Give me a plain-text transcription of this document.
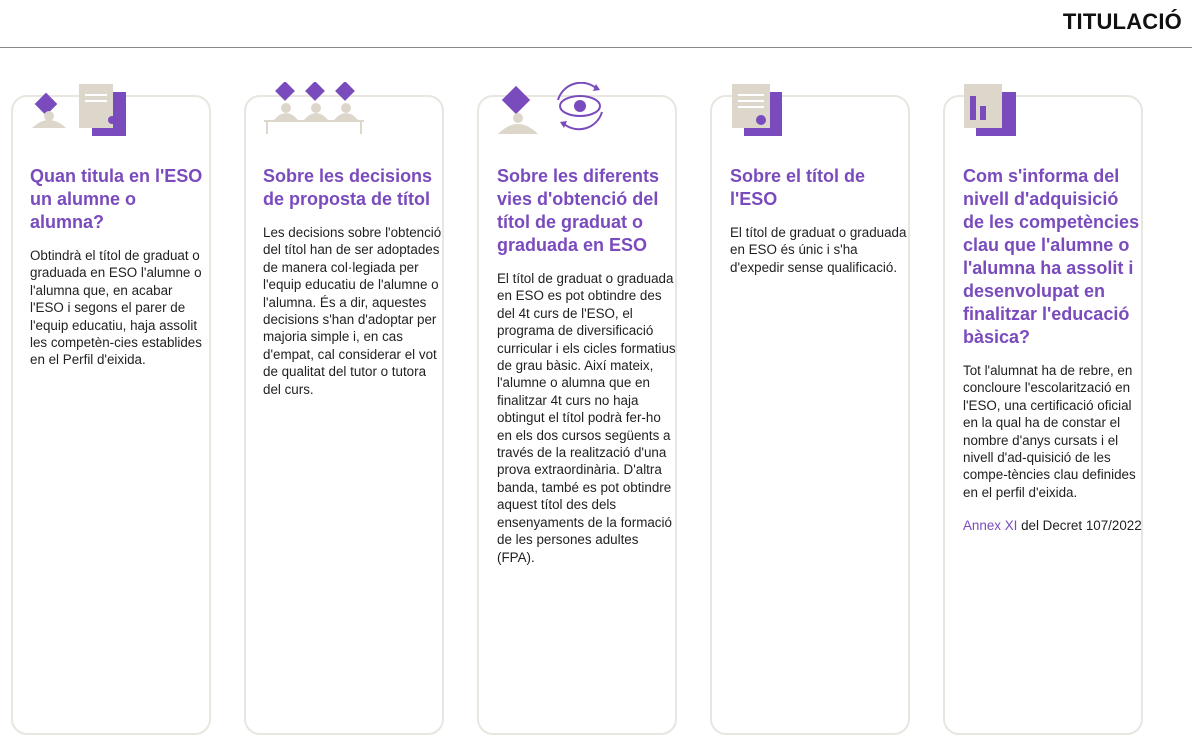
TITULACIÓ
Quan titula en l'ESO un alumne o alumna?

Obtindrà el títol de graduat o graduada en ESO l'alumne o l'alumna que, en acabar l'ESO i segons el parer de l'equip educatiu, haja assolit les competèn-cies establides en el Perfil d'eixida.

Sobre les decisions de proposta de títol

Les decisions sobre l'obtenció del títol han de ser adoptades de manera col·legiada per l'equip educatiu de l'alumne o l'alumna. És a dir, aquestes decisions s'han d'adoptar per majoria simple i, en cas d'empat, cal considerar el vot de qualitat del tutor o tutora del curs.

Sobre les diferents vies d'obtenció del títol de graduat o graduada en ESO

El títol de graduat o graduada en ESO es pot obtindre des del 4t curs de l'ESO, el programa de diversificació curricular i els cicles formatius de grau bàsic. Així mateix, l'alumne o alumna que en finalitzar 4t curs no haja obtingut el títol podrà fer-ho en els dos cursos següents a través de la realització d'una prova extraordinària. D'altra banda, també es pot obtindre aquest títol des dels ensenyaments de la formació de les persones adultes (FPA).

Sobre el títol de l'ESO

El títol de graduat o graduada en ESO és únic i s'ha d'expedir sense qualificació.

Com s'informa del nivell d'adquisició de les competències clau que l'alumne o l'alumna ha assolit i desenvolupat en finalitzar l'educació bàsica?

Tot l'alumnat ha de rebre, en concloure l'escolarització en l'ESO, una certificació oficial en la qual ha de constar el nombre d'anys cursats i el nivell d'ad-quisició de les compe-tències clau definides en el perfil d'eixida.

Annex XI del Decret 107/2022
